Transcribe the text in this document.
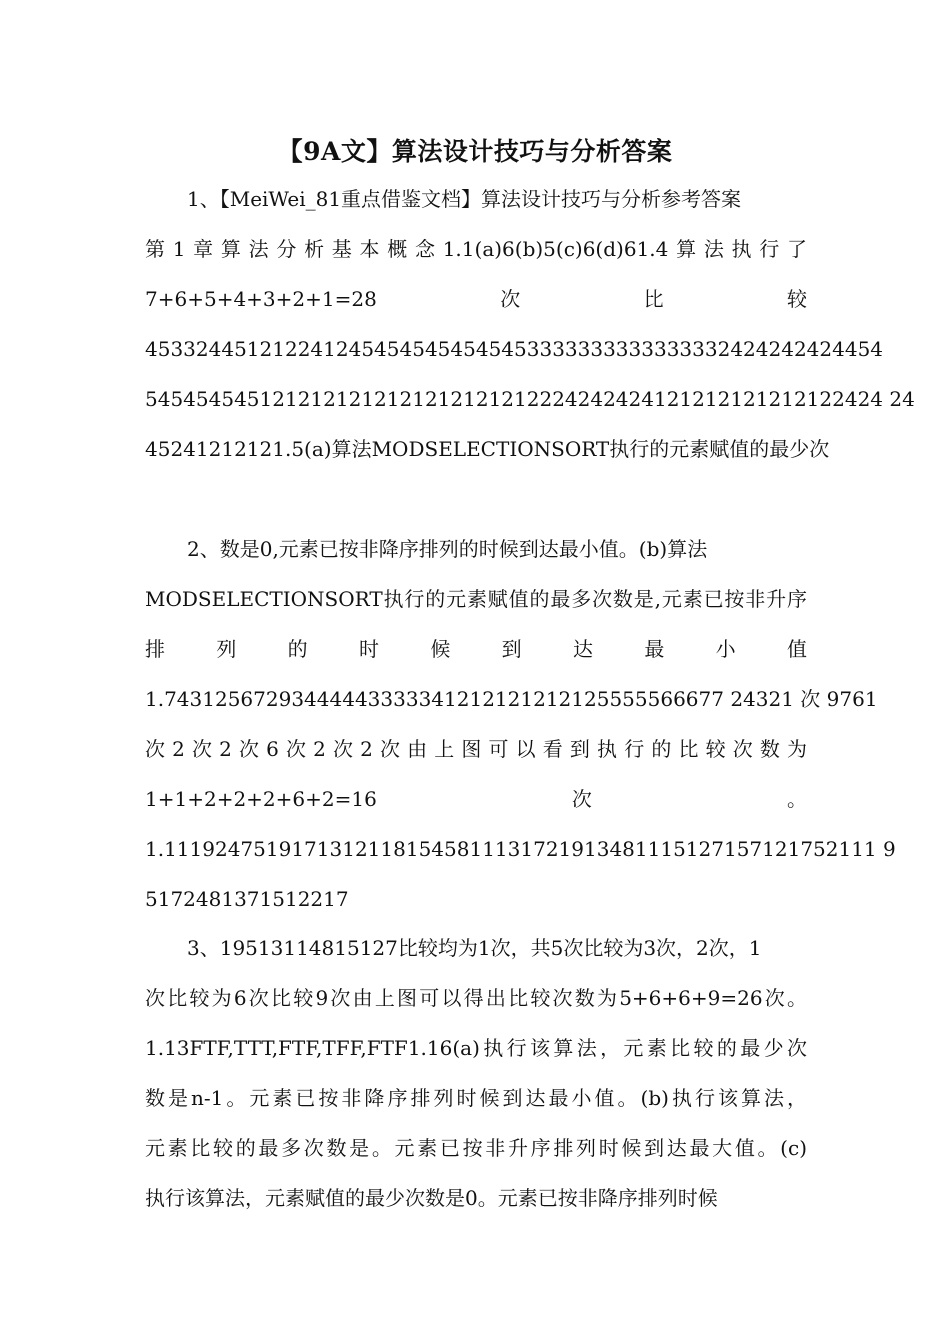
【9A文】算法设计技巧与分析答案
1、【MeiWei_81重点借鉴文档】算法设计技巧与分析参考答案
第1章算法分析基本概念1.1(a)6(b)5(c)6(d)61.4算法执行了
7+6+5+4+3+2+1=28　次　比　较
4533244512122412454545454545453333333333333332424242424454
5454545451212121212121212121212224242424121212121212122424 24
45241212121.5(a)算法MODSELECTIONSORT执行的元素赋值的最少次
2、数是0,元素已按非降序排列的时候到达最小值。(b)算法
MODSELECTIONSORT执行的元素赋值的最多次数是,元素已按非升序
排　列　的　时　候　到　达　最　小　值
1.74312567293444443333341212121212125555566677 24321 次 9761
次2次2次6次2次2次由上图可以看到执行的比较次数为
1+1+2+2+2+6+2=16　次　。
1.11192475191713121181545811131721913481115127157121752111 9
5172481371512217
3、19513114815127比较均为1次，共5次比较为3次，2次，1
次比较为6次比较9次由上图可以得出比较次数为5+6+6+9=26次。
1.13FTF,TTT,FTF,TFF,FTF1.16(a)执行该算法，元素比较的最少次
数是n-1。元素已按非降序排列时候到达最小值。(b)执行该算法，
元素比较的最多次数是。元素已按非升序排列时候到达最大值。(c)
执行该算法，元素赋值的最少次数是0。元素已按非降序排列时候
